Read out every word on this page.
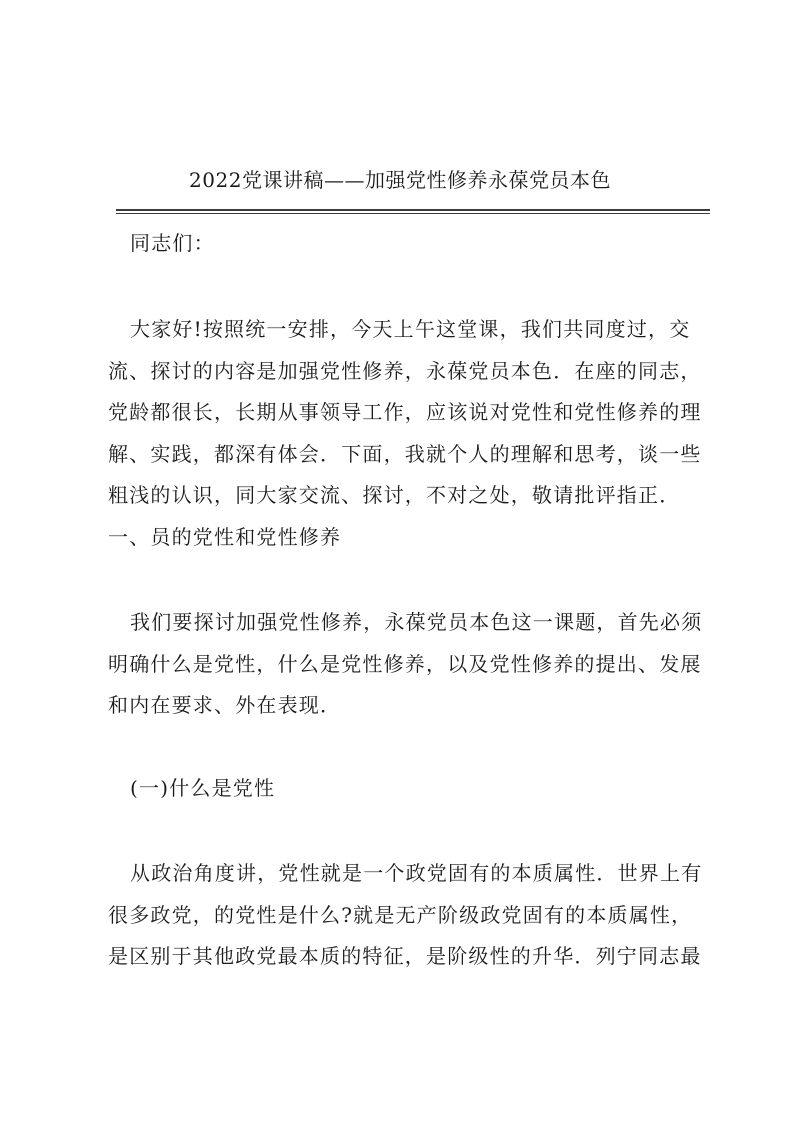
2022党课讲稿——加强党性修养永葆党员本色
同志们：
大家好!按照统一安排，今天上午这堂课，我们共同度过，交
流、探讨的内容是加强党性修养，永葆党员本色．在座的同志，
党龄都很长，长期从事领导工作，应该说对党性和党性修养的理
解、实践，都深有体会．下面，我就个人的理解和思考，谈一些
粗浅的认识，同大家交流、探讨，不对之处，敬请批评指正．
一、员的党性和党性修养
我们要探讨加强党性修养，永葆党员本色这一课题，首先必须
明确什么是党性，什么是党性修养，以及党性修养的提出、发展
和内在要求、外在表现．
(一)什么是党性
从政治角度讲，党性就是一个政党固有的本质属性．世界上有
很多政党，的党性是什么?就是无产阶级政党固有的本质属性，
是区别于其他政党最本质的特征，是阶级性的升华．列宁同志最
